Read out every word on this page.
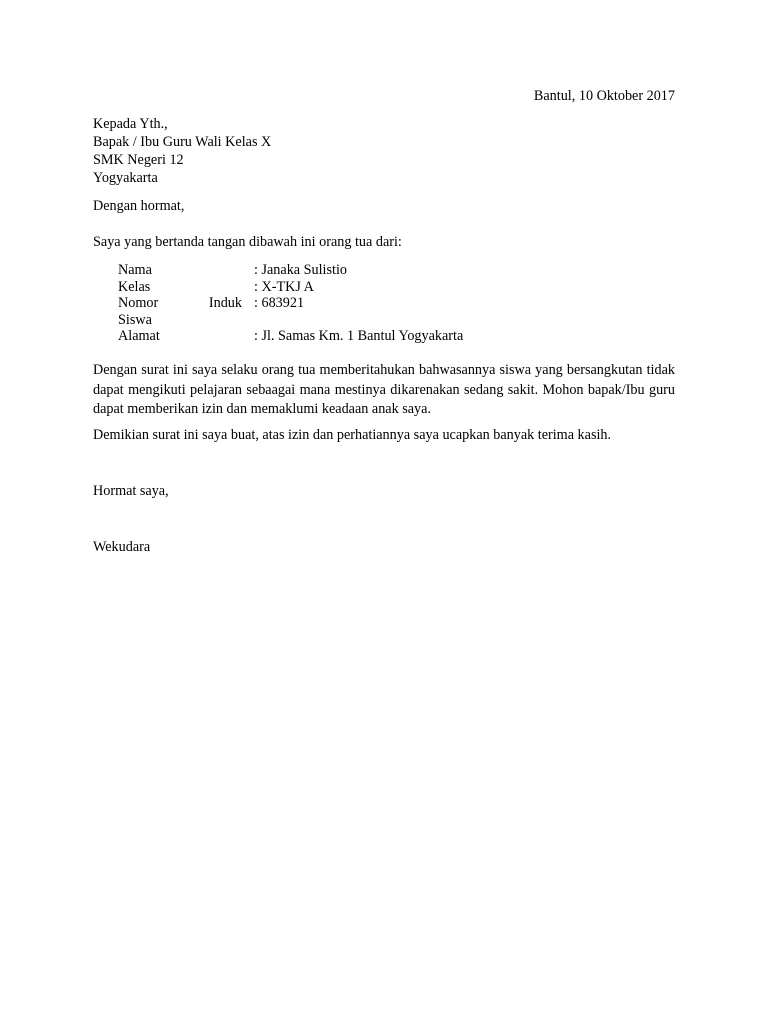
Bantul, 10 Oktober 2017
Kepada Yth.,
Bapak / Ibu Guru Wali Kelas X
SMK Negeri 12
Yogyakarta
Dengan hormat,
Saya yang bertanda tangan dibawah ini orang tua dari:
Nama	: Janaka Sulistio
Kelas	: X-TKJ A

Nomor Induk
Siswa	: 683921
Alamat	: Jl. Samas Km. 1 Bantul Yogyakarta
Dengan surat ini saya selaku orang tua memberitahukan bahwasannya siswa yang bersangkutan tidak dapat mengikuti pelajaran sebaagai mana mestinya dikarenakan sedang sakit. Mohon bapak/Ibu guru dapat memberikan izin dan memaklumi keadaan anak saya.
Demikian surat ini saya buat, atas izin dan perhatiannya saya ucapkan banyak terima kasih.
Hormat saya,
Wekudara
